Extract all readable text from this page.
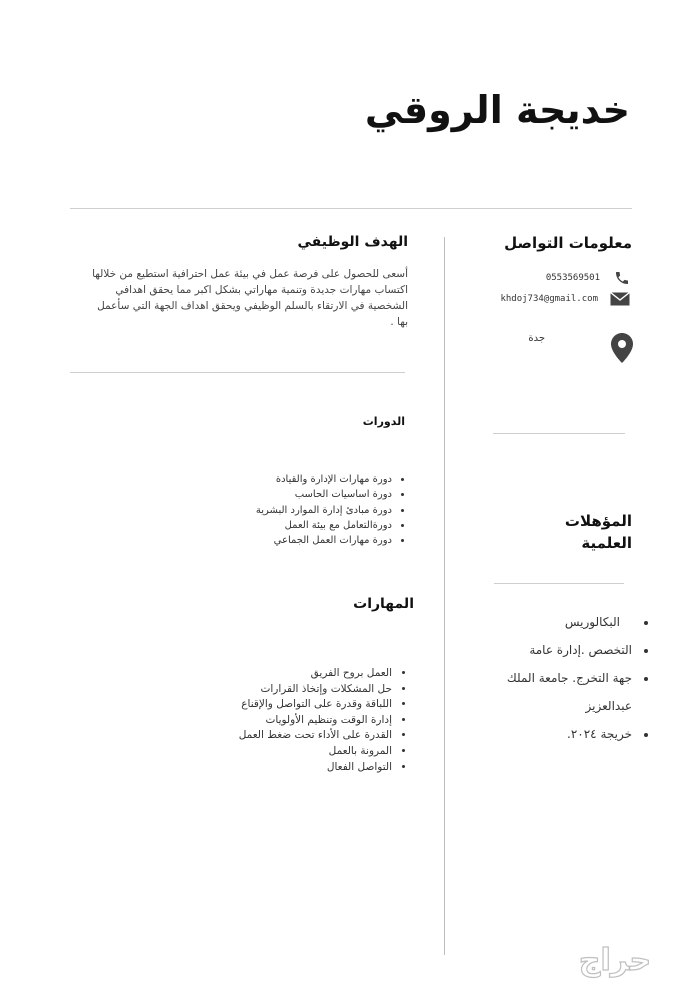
خديجة الروقي
معلومات التواصل
0553569501
khdoj734@gmail.com
جدة
المؤهلات
العلمية
• البكالوريس
• التخصص .إدارة عامة
• جهة التخرج. جامعة الملك
عبدالعزيز
• خريجة ٢٠٢٤.
الهدف الوظيفي

أسعى للحصول على فرصة عمل في بيئة عمل احترافية استطيع من خلالها اكتساب مهارات جديدة وتنمية مهاراتي بشكل اكبر مما يحقق اهدافي الشخصية في الارتقاء بالسلم الوظيفي ويحقق اهداف الجهة التي سأعمل بها .

الدورات
• دورة مهارات الإدارة والقيادة
• دورة اساسيات الحاسب
• دورة مبادئ إدارة الموارد البشرية
• دورةالتعامل مع بيئة العمل
• دورة مهارات العمل الجماعي
المهارات
• العمل بروح الفريق
• حل المشكلات وإتخاذ القرارات
• اللباقة وقدرة على التواصل والإقناع
• إدارة الوقت وتنظيم الأولويات
• القدرة على الأداء تحت ضغط العمل
• المرونة بالعمل
• التواصل الفعال
حراج
